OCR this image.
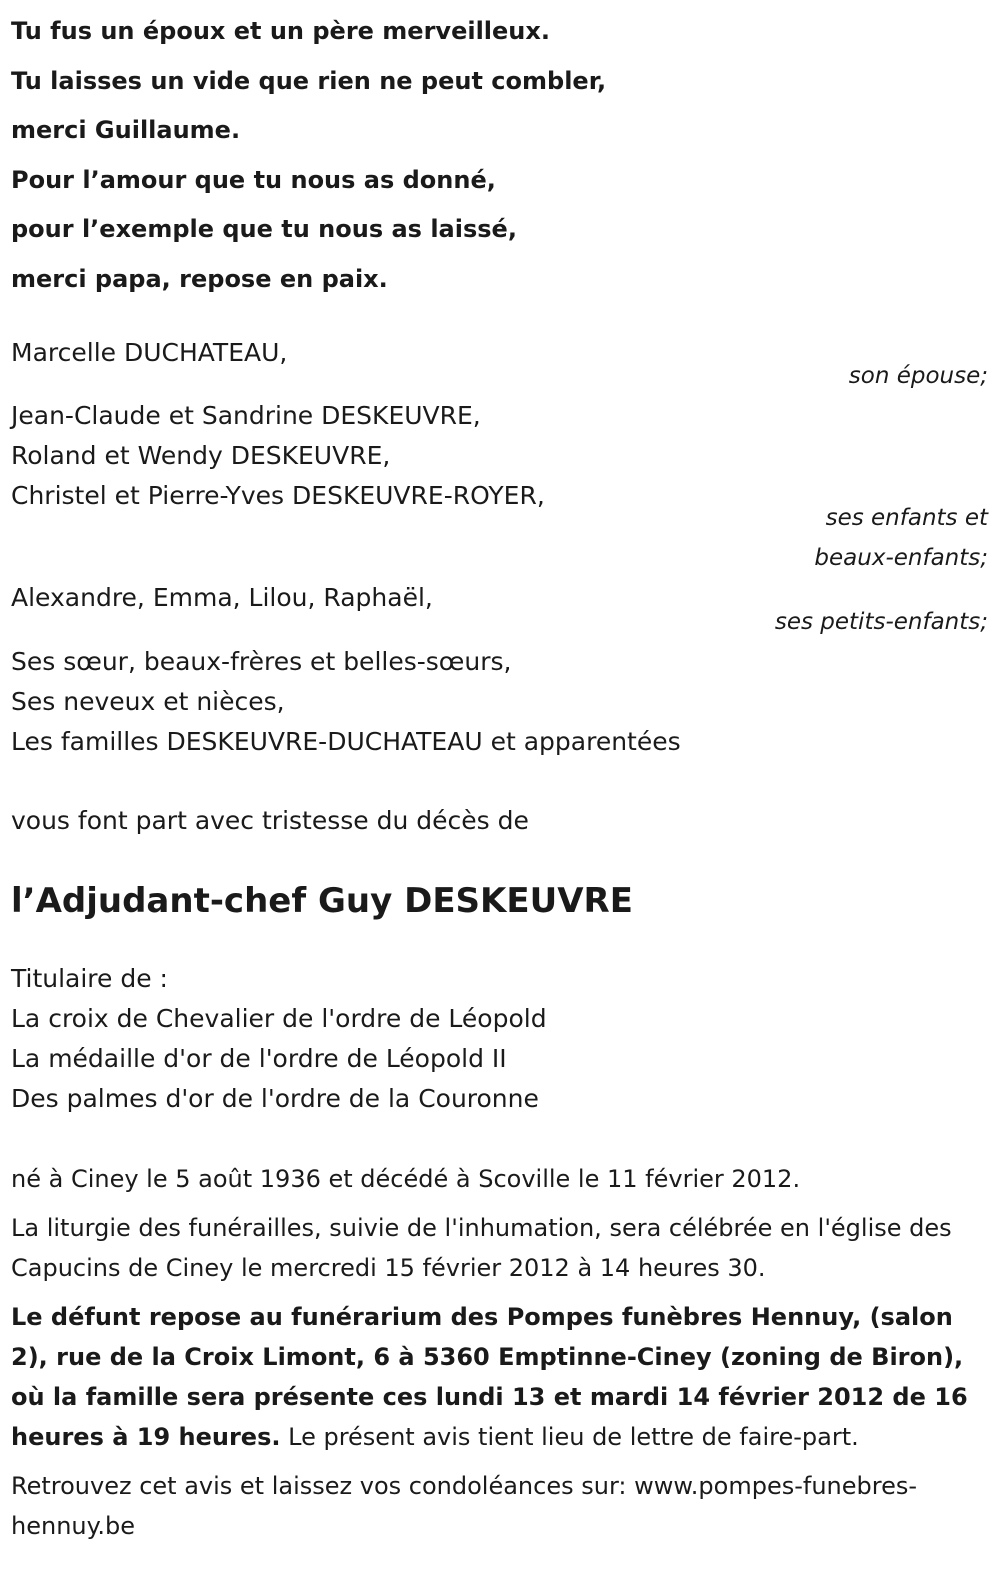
Tu fus un époux et un père merveilleux.
Tu laisses un vide que rien ne peut combler,
merci Guillaume.
Pour l’amour que tu nous as donné,
pour l’exemple que tu nous as laissé,
merci papa, repose en paix.
Marcelle DUCHATEAU,
son épouse;
Jean-Claude et Sandrine DESKEUVRE,
Roland et Wendy DESKEUVRE,
Christel et Pierre-Yves DESKEUVRE-ROYER,
ses enfants et
beaux-enfants;
Alexandre, Emma, Lilou, Raphaël,
ses petits-enfants;
Ses sœur, beaux-frères et belles-sœurs,
Ses neveux et nièces,
Les familles DESKEUVRE-DUCHATEAU et apparentées
vous font part avec tristesse du décès de
l’Adjudant-chef Guy DESKEUVRE
Titulaire de :
La croix de Chevalier de l'ordre de Léopold
La médaille d'or de l'ordre de Léopold II
Des palmes d'or de l'ordre de la Couronne
né à Ciney le 5 août 1936 et décédé à Scoville le 11 février 2012.
La liturgie des funérailles, suivie de l'inhumation, sera célébrée en l'église des Capucins de Ciney le mercredi 15 février 2012 à 14 heures 30.
Le défunt repose au funérarium des Pompes funèbres Hennuy, (salon 2), rue de la Croix Limont, 6 à 5360 Emptinne-Ciney (zoning de Biron), où la famille sera présente ces lundi 13 et mardi 14 février 2012 de 16 heures à 19 heures. Le présent avis tient lieu de lettre de faire-part.
Retrouvez cet avis et laissez vos condoléances sur: www.pompes-funebres-hennuy.be
